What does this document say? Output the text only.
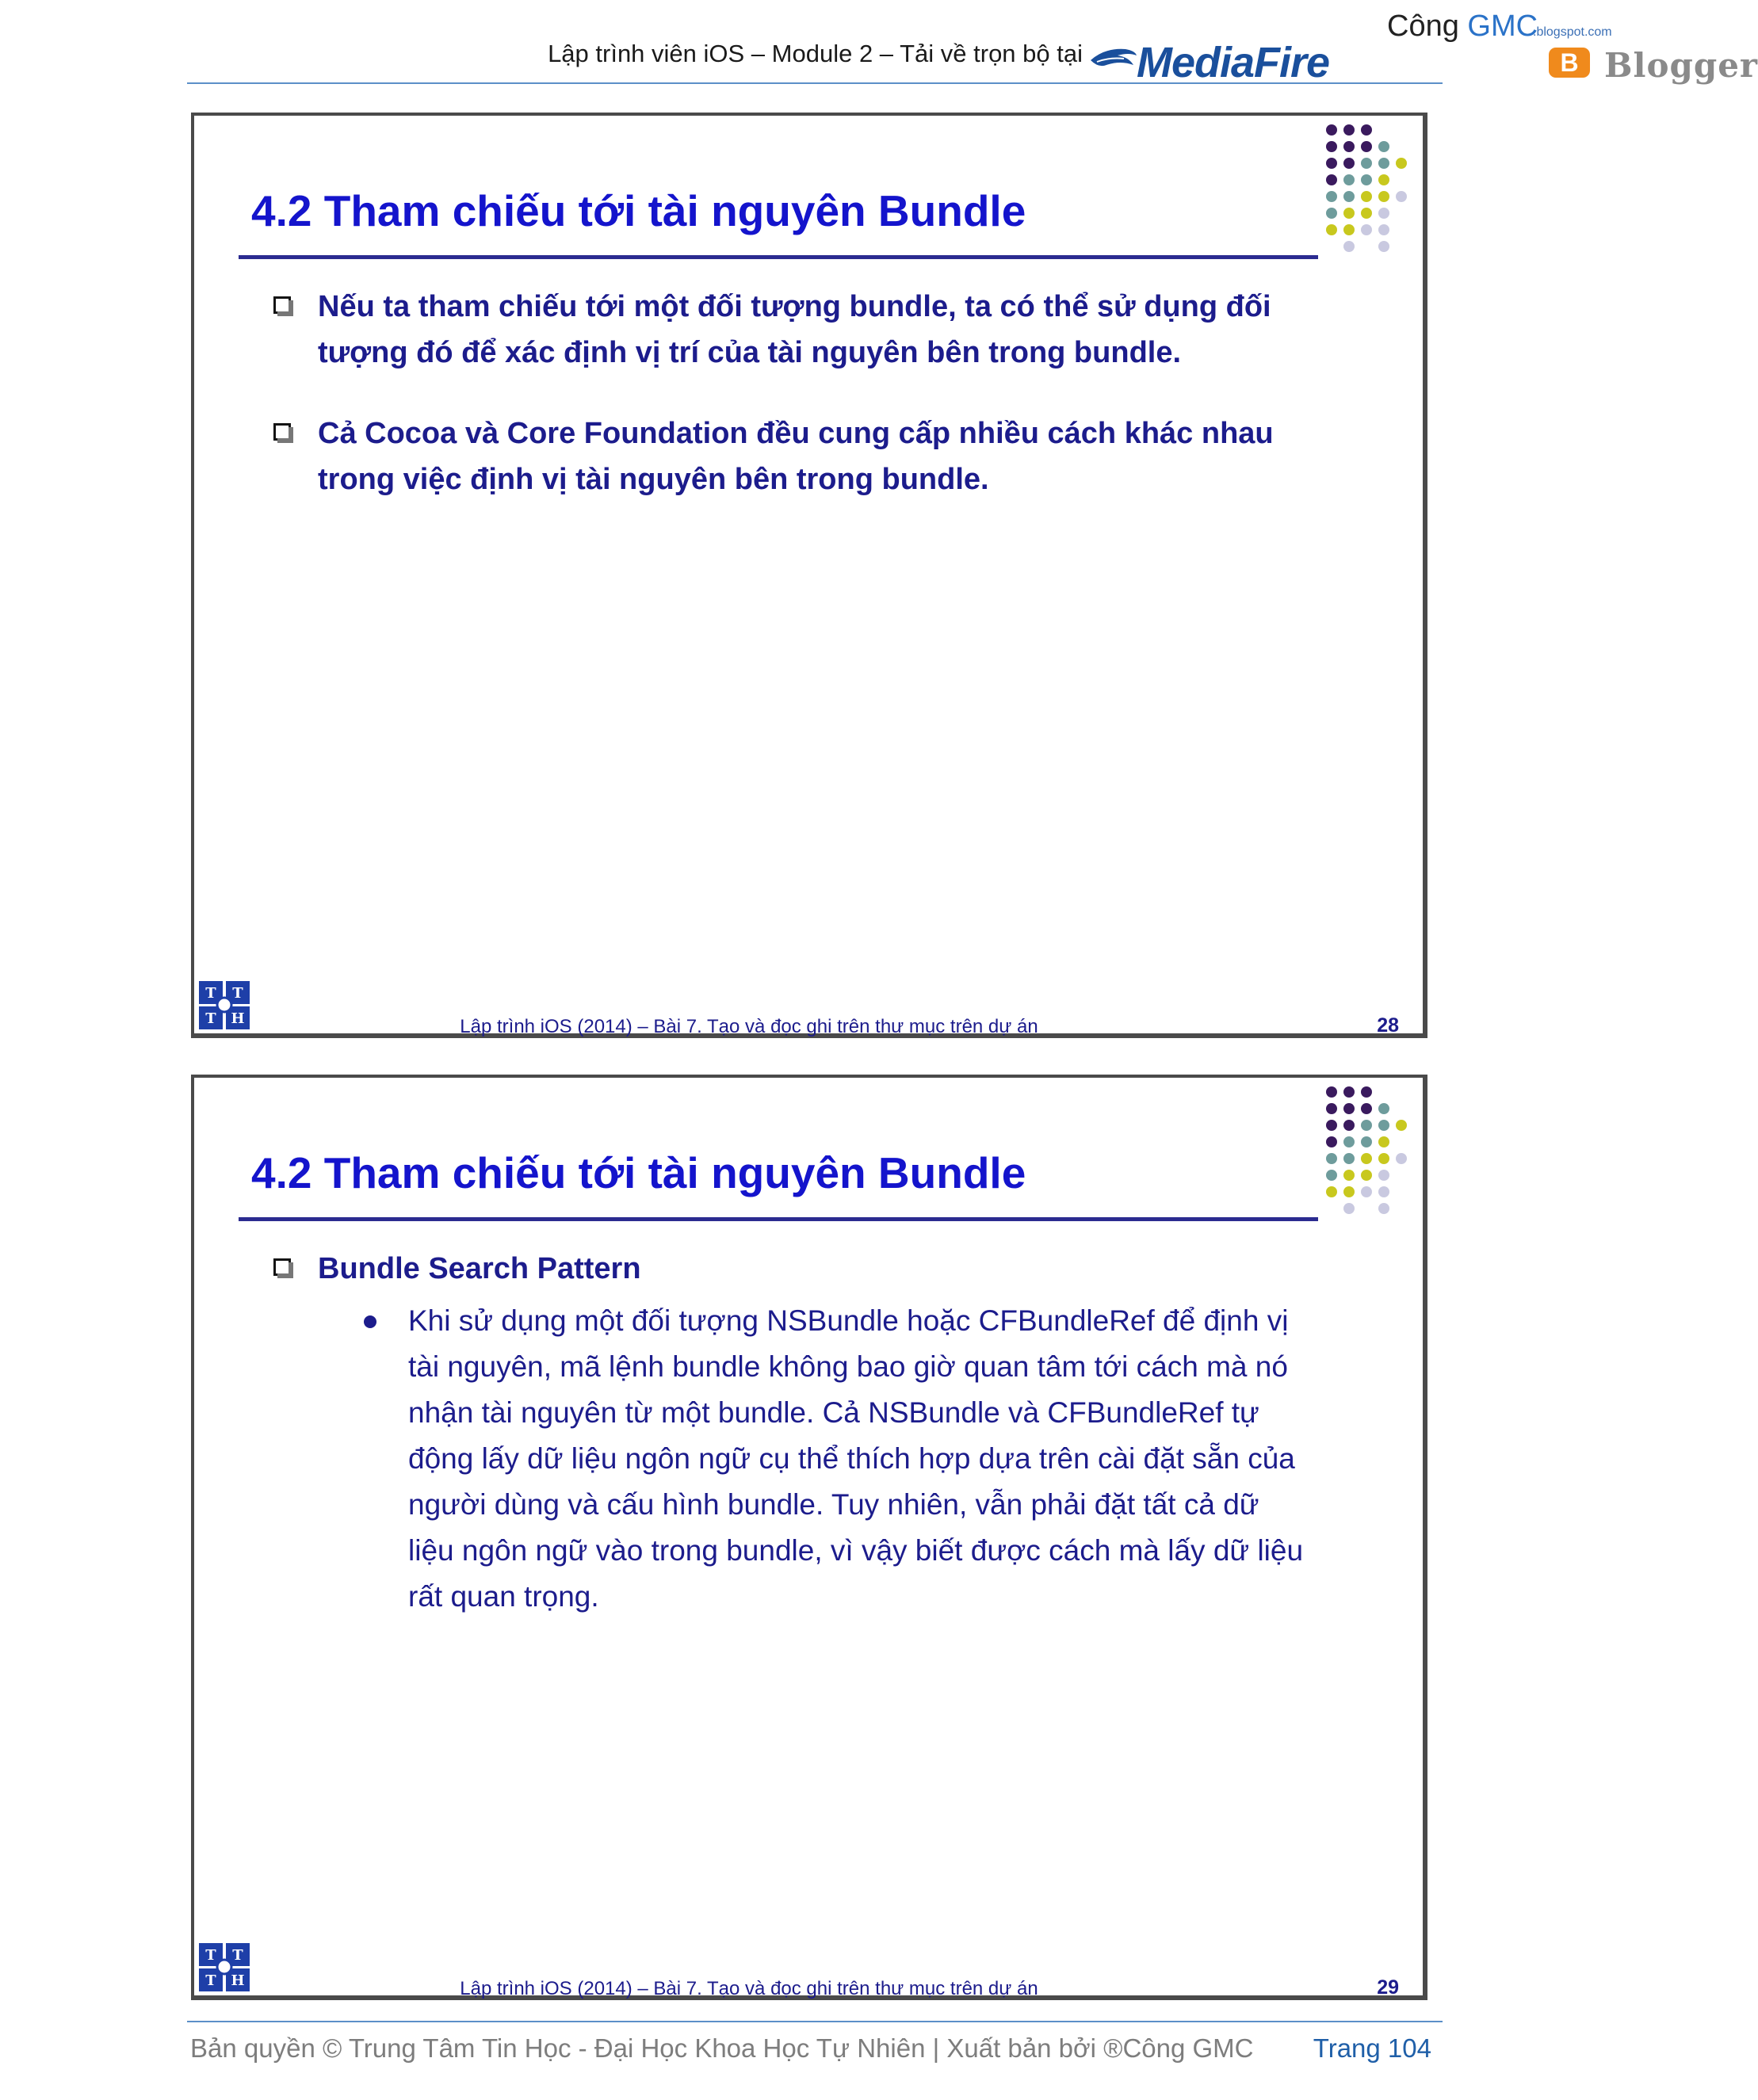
Lập trình viên iOS – Module 2 – Tải về trọn bộ tại
Công GMC
.blogspot.com
MediaFire	B Blogger
4.2 Tham chiếu tới tài nguyên Bundle
Nếu ta tham chiếu tới một đối tượng bundle, ta có thể sử dụng đối
tượng đó để xác định vị trí của tài nguyên bên trong bundle.
Cả Cocoa và Core Foundation đều cung cấp nhiều cách khác nhau
trong việc định vị tài nguyên bên trong bundle.
T T
T H	Lập trình iOS (2014) – Bài 7. Tạo và đọc ghi trên thư mục trên dự án	28
4.2 Tham chiếu tới tài nguyên Bundle
Bundle Search Pattern
Khi sử dụng một đối tượng NSBundle hoặc CFBundleRef để định vị
tài nguyên, mã lệnh bundle không bao giờ quan tâm tới cách mà nó
nhận tài nguyên từ một bundle. Cả NSBundle và CFBundleRef tự
động lấy dữ liệu ngôn ngữ cụ thể thích hợp dựa trên cài đặt sẵn của
người dùng và cấu hình bundle. Tuy nhiên, vẫn phải đặt tất cả dữ
liệu ngôn ngữ vào trong bundle, vì vậy biết được cách mà lấy dữ liệu
rất quan trọng.
T T
T H	Lập trình iOS (2014) – Bài 7. Tạo và đọc ghi trên thư mục trên dự án	29
Bản quyền © Trung Tâm Tin Học - Đại Học Khoa Học Tự Nhiên | Xuất bản bởi ®Công GMC Trang 104
